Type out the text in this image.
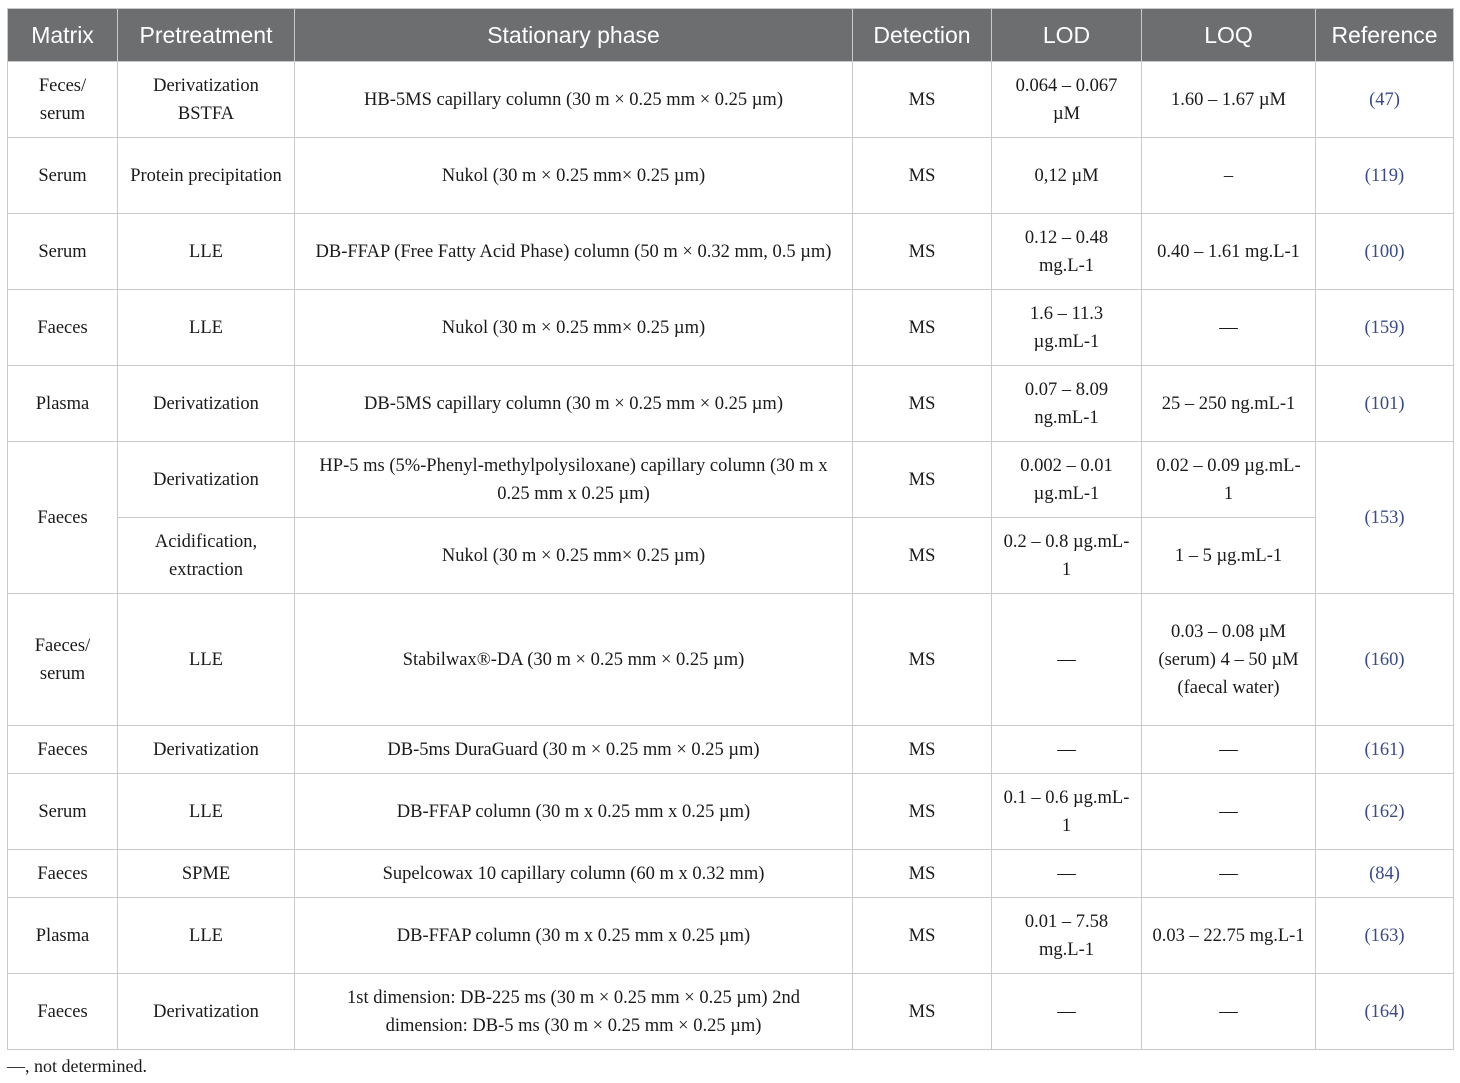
Matrix	Pretreatment	Stationary phase	Detection	LOD	LOQ	Reference
Feces/ serum	Derivatization BSTFA	HB-5MS capillary column (30 m × 0.25 mm × 0.25 µm)	MS	0.064 – 0.067 µM	1.60 – 1.67 µM	(47)
Serum	Protein precipitation	Nukol (30 m × 0.25 mm× 0.25 µm)	MS	0,12 µM	–	(119)
Serum	LLE	DB-FFAP (Free Fatty Acid Phase) column (50 m × 0.32 mm, 0.5 µm)	MS	0.12 – 0.48 mg.L-1	0.40 – 1.61 mg.L-1	(100)
Faeces	LLE	Nukol (30 m × 0.25 mm× 0.25 µm)	MS	1.6 – 11.3 µg.mL-1	—	(159)
Plasma	Derivatization	DB-5MS capillary column (30 m × 0.25 mm × 0.25 µm)	MS	0.07 – 8.09 ng.mL-1	25 – 250 ng.mL-1	(101)
Faeces	Derivatization	HP-5 ms (5%-Phenyl-methylpolysiloxane) capillary column (30 m x 0.25 mm x 0.25 µm)	MS	0.002 – 0.01 µg.mL-1	0.02 – 0.09 µg.mL-1	(153)
	Acidification, extraction	Nukol (30 m × 0.25 mm× 0.25 µm)	MS	0.2 – 0.8 µg.mL-1	1 – 5 µg.mL-1	
Faeces/ serum	LLE	Stabilwax®-DA (30 m × 0.25 mm × 0.25 µm)	MS	—	0.03 – 0.08 µM (serum) 4 – 50 µM (faecal water)	(160)
Faeces	Derivatization	DB-5ms DuraGuard (30 m × 0.25 mm × 0.25 µm)	MS	—	—	(161)
Serum	LLE	DB-FFAP column (30 m x 0.25 mm x 0.25 µm)	MS	0.1 – 0.6 µg.mL-1	—	(162)
Faeces	SPME	Supelcowax 10 capillary column (60 m x 0.32 mm)	MS	—	—	(84)
Plasma	LLE	DB-FFAP column (30 m x 0.25 mm x 0.25 µm)	MS	0.01 – 7.58 mg.L-1	0.03 – 22.75 mg.L-1	(163)
Faeces	Derivatization	1st dimension: DB-225 ms (30 m × 0.25 mm × 0.25 µm) 2nd dimension: DB-5 ms (30 m × 0.25 mm × 0.25 µm)	MS	—	—	(164)
—, not determined.
